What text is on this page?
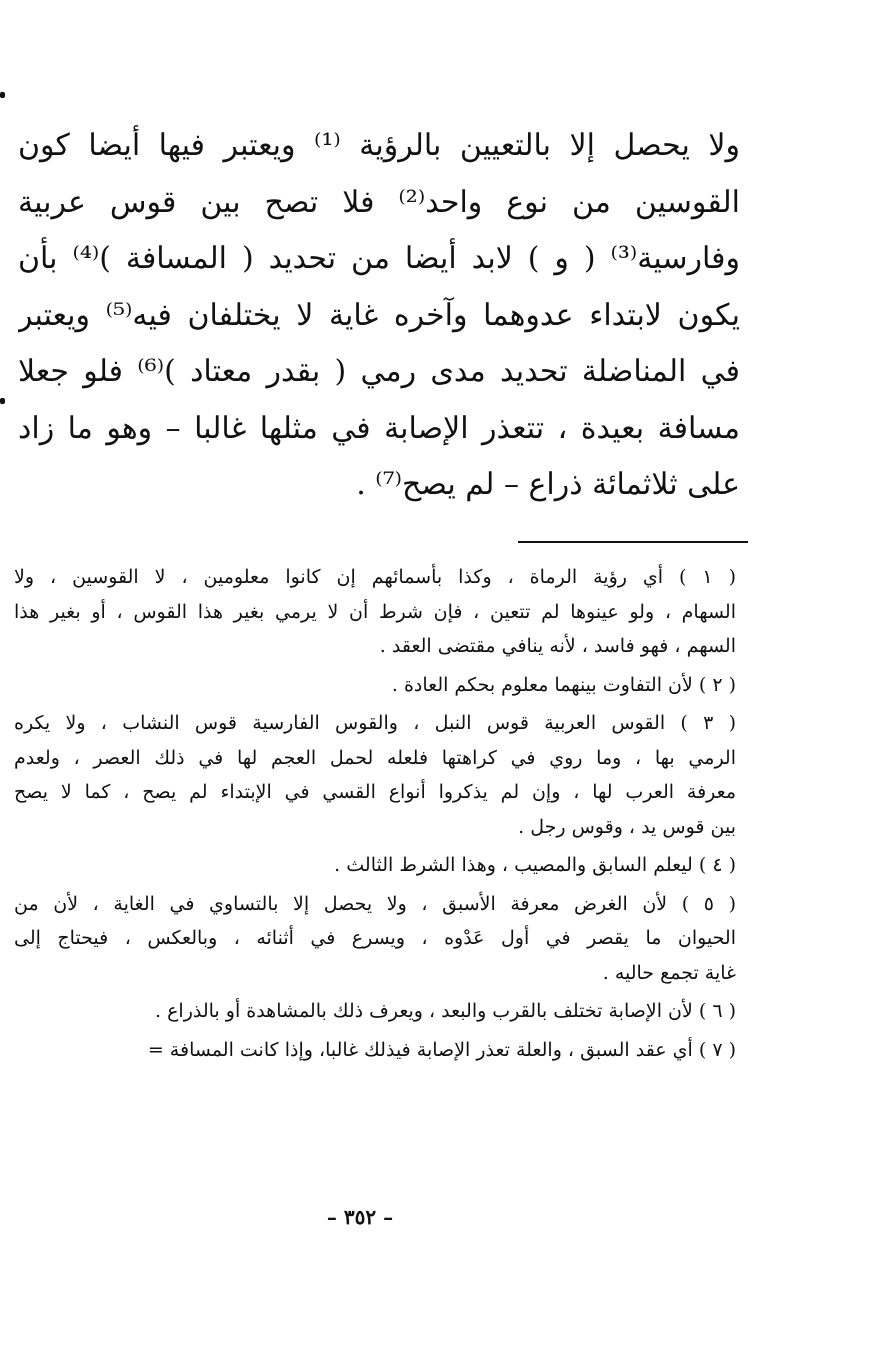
ولا يحصل إلا بالتعيين بالرؤية ⁽¹⁾ ويعتبر فيها أيضا كون
القوسين من نوع واحد⁽²⁾ فلا تصح بين قوس عربية
وفارسية⁽³⁾ ( و ) لابد أيضا من تحديد ( المسافة )⁽⁴⁾ بأن
يكون لابتداء عدوهما وآخره غاية لا يختلفان فيه⁽⁵⁾ ويعتبر
في المناضلة تحديد مدى رمي ( بقدر معتاد )⁽⁶⁾ فلو جعلا
مسافة بعيدة ، تتعذر الإصابة في مثلها غالبا – وهو ما زاد
على ثلاثمائة ذراع – لم يصح⁽⁷⁾ .
( ١ ) أي رؤية الرماة ، وكذا بأسمائهم إن كانوا معلومين ، لا القوسين ، ولا
السهام ، ولو عينوها لم تتعين ، فإن شرط أن لا يرمي بغير هذا القوس ، أو بغير هذا
السهم ، فهو فاسد ، لأنه ينافي مقتضى العقد .
( ٢ ) لأن التفاوت بينهما معلوم بحكم العادة .
( ٣ ) القوس العربية قوس النبل ، والقوس الفارسية قوس النشاب ، ولا يكره
الرمي بها ، وما روي في كراهتها فلعله لحمل العجم لها في ذلك العصر ، ولعدم
معرفة العرب لها ، وإن لم يذكروا أنواع القسي في الإبتداء لم يصح ، كما لا يصح
بين قوس يد ، وقوس رجل .
( ٤ ) ليعلم السابق والمصيب ، وهذا الشرط الثالث .
( ٥ ) لأن الغرض معرفة الأسبق ، ولا يحصل إلا بالتساوي في الغاية ، لأن من
الحيوان ما يقصر في أول عَدْوه ، ويسرع في أثنائه ، وبالعكس ، فيحتاج إلى
غاية تجمع حاليه .
( ٦ ) لأن الإصابة تختلف بالقرب والبعد ، ويعرف ذلك بالمشاهدة أو بالذراع .
( ٧ ) أي عقد السبق ، والعلة تعذر الإصابة فيذلك غالبا، وإذا كانت المسافة =
– ٣٥٢ –
